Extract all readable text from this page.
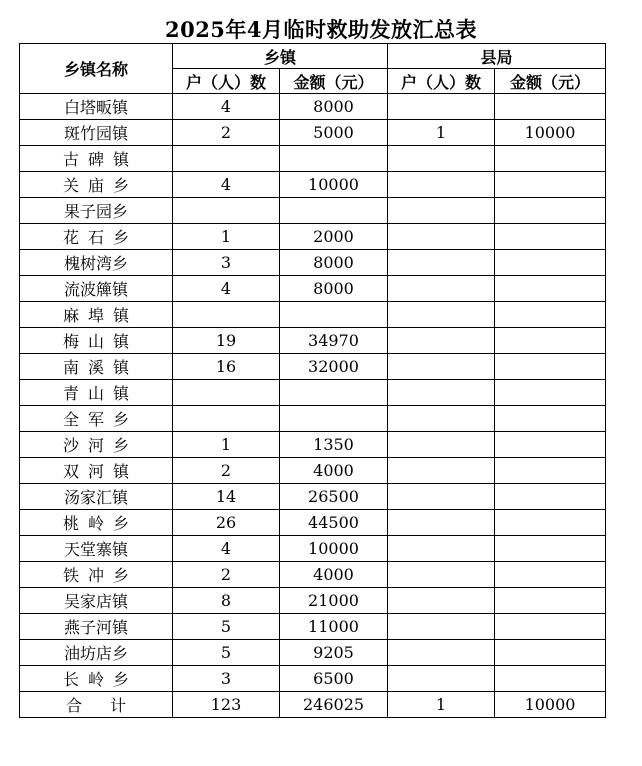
2025年4月临时救助发放汇总表
乡镇名称	乡镇		县局	
	户（人）数	金额（元）	户（人）数	金额（元）
白塔畈镇	4	8000		
斑竹园镇	2	5000	1	10000
古碑镇				
关庙乡	4	10000		
果子园乡				
花石乡	1	2000		
槐树湾乡	3	8000		
流波簰镇	4	8000		
麻埠镇				
梅山镇	19	34970		
南溪镇	16	32000		
青山镇				
全军乡				
沙河乡	1	1350		
双河镇	2	4000		
汤家汇镇	14	26500		
桃岭乡	26	44500		
天堂寨镇	4	10000		
铁冲乡	2	4000		
吴家店镇	8	21000		
燕子河镇	5	11000		
油坊店乡	5	9205		
长岭乡	3	6500		
合计	123	246025	1	10000
